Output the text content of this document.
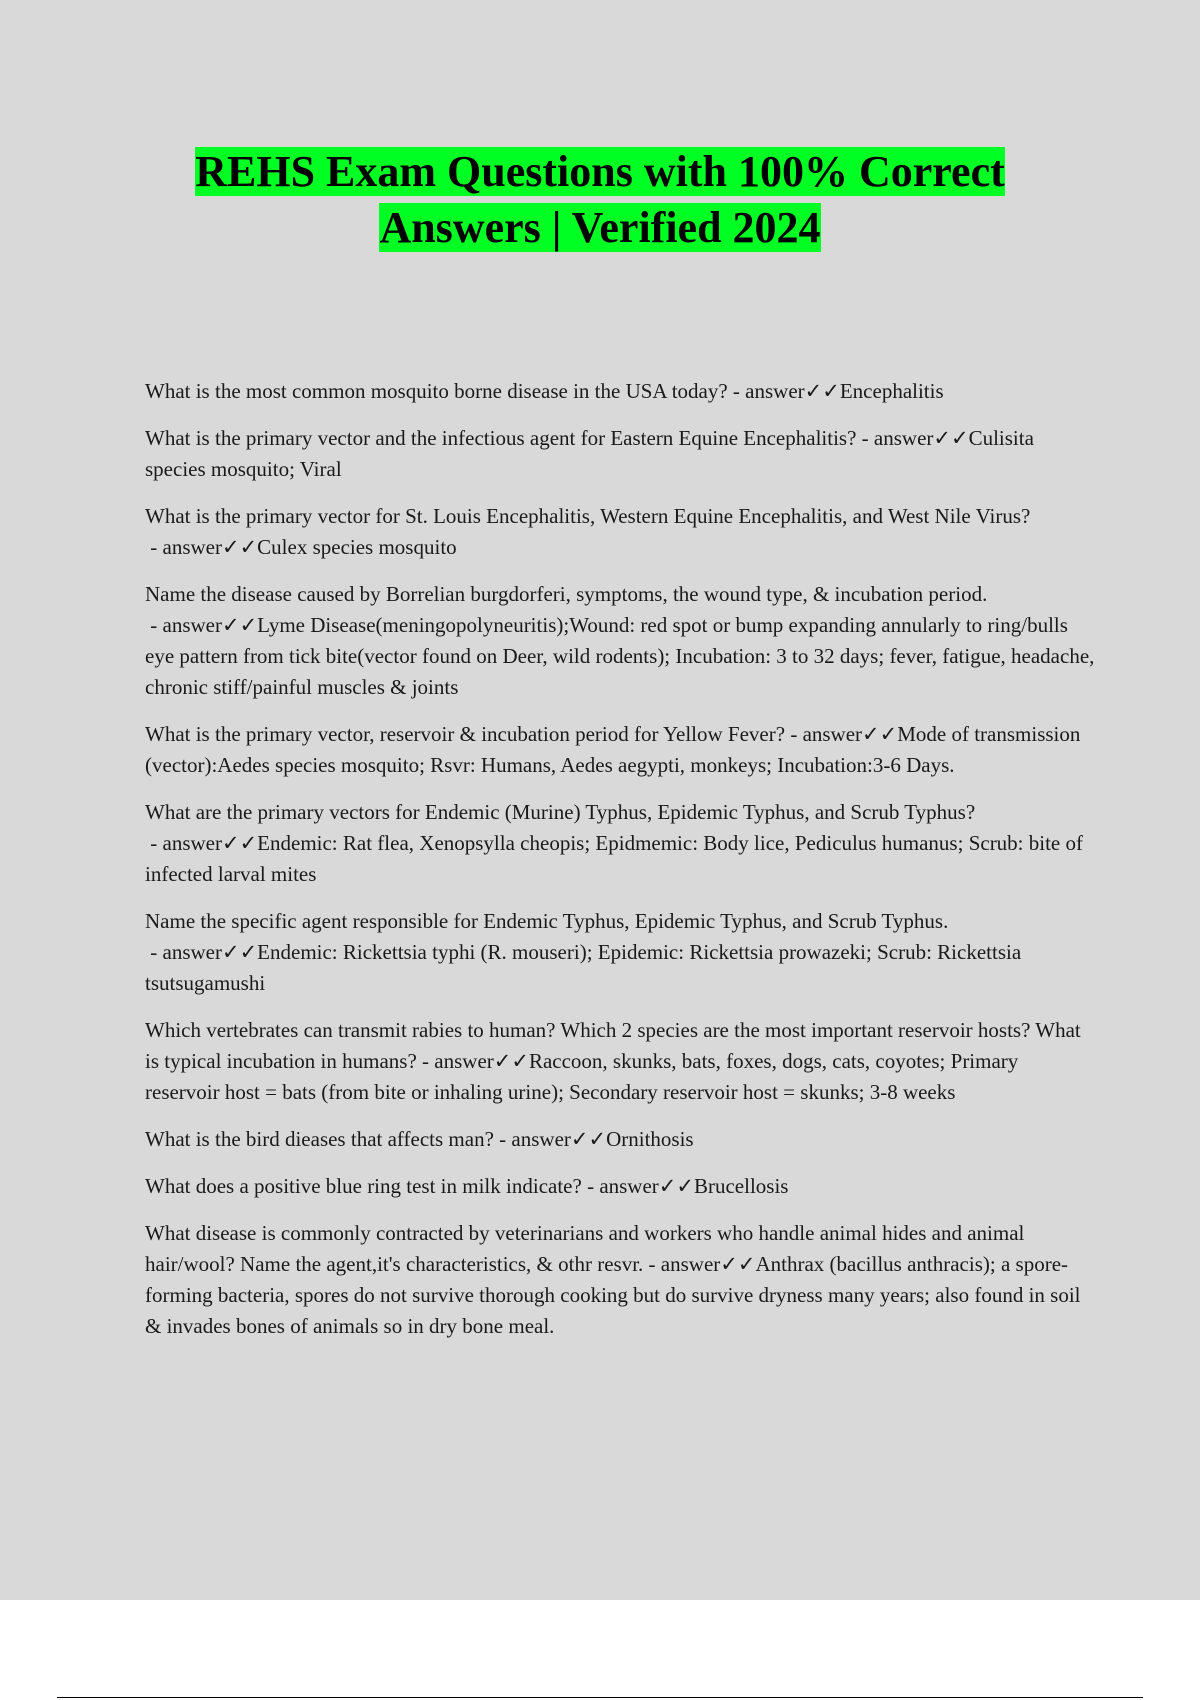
REHS Exam Questions with 100% Correct
Answers | Verified 2024
What is the most common mosquito borne disease in the USA today? - answer✓✓Encephalitis
What is the primary vector and the infectious agent for Eastern Equine Encephalitis? - answer✓✓Culisita species mosquito; Viral
What is the primary vector for St. Louis Encephalitis, Western Equine Encephalitis, and West Nile Virus? - answer✓✓Culex species mosquito
Name the disease caused by Borrelian burgdorferi, symptoms, the wound type, & incubation period. - answer✓✓Lyme Disease(meningopolyneuritis);Wound: red spot or bump expanding annularly to ring/bulls eye pattern from tick bite(vector found on Deer, wild rodents); Incubation: 3 to 32 days; fever, fatigue, headache, chronic stiff/painful muscles & joints
What is the primary vector, reservoir & incubation period for Yellow Fever? - answer✓✓Mode of transmission (vector):Aedes species mosquito; Rsvr: Humans, Aedes aegypti, monkeys; Incubation:3-6 Days.
What are the primary vectors for Endemic (Murine) Typhus, Epidemic Typhus, and Scrub Typhus? - answer✓✓Endemic: Rat flea, Xenopsylla cheopis; Epidmemic: Body lice, Pediculus humanus; Scrub: bite of infected larval mites
Name the specific agent responsible for Endemic Typhus, Epidemic Typhus, and Scrub Typhus. - answer✓✓Endemic: Rickettsia typhi (R. mouseri); Epidemic: Rickettsia prowazeki; Scrub: Rickettsia tsutsugamushi
Which vertebrates can transmit rabies to human? Which 2 species are the most important reservoir hosts? What is typical incubation in humans? - answer✓✓Raccoon, skunks, bats, foxes, dogs, cats, coyotes; Primary reservoir host = bats (from bite or inhaling urine); Secondary reservoir host = skunks; 3-8 weeks
What is the bird dieases that affects man? - answer✓✓Ornithosis
What does a positive blue ring test in milk indicate? - answer✓✓Brucellosis
What disease is commonly contracted by veterinarians and workers who handle animal hides and animal hair/wool? Name the agent,it's characteristics, & othr resvr. - answer✓✓Anthrax (bacillus anthracis); a spore-forming bacteria, spores do not survive thorough cooking but do survive dryness many years; also found in soil & invades bones of animals so in dry bone meal.
